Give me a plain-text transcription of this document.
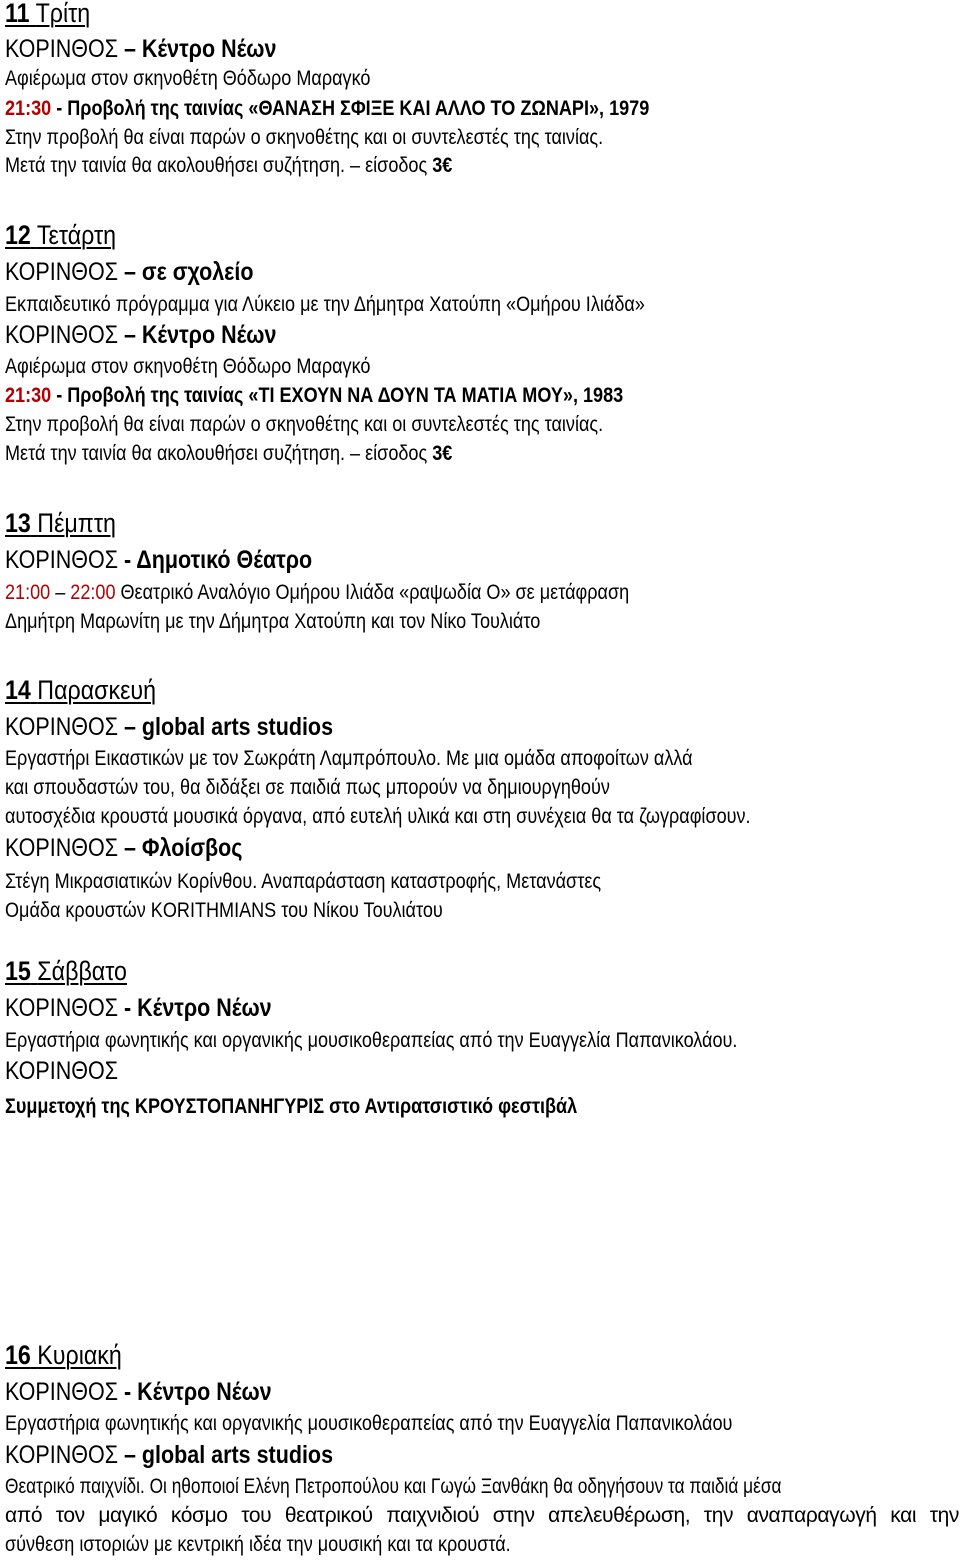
11 Τρίτη
ΚΟΡΙΝΘΟΣ – Κέντρο Νέων
Αφιέρωμα στον σκηνοθέτη Θόδωρο Μαραγκό
21:30 - Προβολή της ταινίας «ΘΑΝΑΣΗ ΣΦΙΞΕ ΚΑΙ ΑΛΛΟ ΤΟ ΖΩΝΑΡΙ», 1979
Στην προβολή θα είναι παρών ο σκηνοθέτης και οι συντελεστές της ταινίας.
Μετά την ταινία θα ακολουθήσει συζήτηση. – είσοδος 3€
12 Τετάρτη
ΚΟΡΙΝΘΟΣ – σε σχολείο
Εκπαιδευτικό πρόγραμμα για Λύκειο με την Δήμητρα Χατούπη «Ομήρου Ιλιάδα»
ΚΟΡΙΝΘΟΣ – Κέντρο Νέων
Αφιέρωμα στον σκηνοθέτη Θόδωρο Μαραγκό
21:30 - Προβολή της ταινίας «ΤΙ ΕΧΟΥΝ ΝΑ ΔΟΥΝ ΤΑ ΜΑΤΙΑ ΜΟΥ», 1983
Στην προβολή θα είναι παρών ο σκηνοθέτης και οι συντελεστές της ταινίας.
Μετά την ταινία θα ακολουθήσει συζήτηση. – είσοδος 3€
13 Πέμπτη
ΚΟΡΙΝΘΟΣ - Δημοτικό Θέατρο
21:00 – 22:00 Θεατρικό Αναλόγιο Ομήρου Ιλιάδα «ραψωδία Ο» σε μετάφραση
Δημήτρη Μαρωνίτη με την Δήμητρα Χατούπη και τον Νίκο Τουλιάτο
14 Παρασκευή
ΚΟΡΙΝΘΟΣ – global arts studios
Εργαστήρι Εικαστικών με τον Σωκράτη Λαμπρόπουλο. Με μια ομάδα αποφοίτων αλλά
και σπουδαστών του, θα διδάξει σε παιδιά πως μπορούν να δημιουργηθούν
αυτοσχέδια κρουστά μουσικά όργανα, από ευτελή υλικά και στη συνέχεια θα τα ζωγραφίσουν.
ΚΟΡΙΝΘΟΣ – Φλοίσβος
Στέγη Μικρασιατικών Κορίνθου. Αναπαράσταση καταστροφής, Μετανάστες
Ομάδα κρουστών KORITHMIANS του Νίκου Τουλιάτου
15 Σάββατο
ΚΟΡΙΝΘΟΣ - Κέντρο Νέων
Εργαστήρια φωνητικής και οργανικής μουσικοθεραπείας από την Ευαγγελία Παπανικολάου.
ΚΟΡΙΝΘΟΣ
Συμμετοχή της ΚΡΟΥΣΤΟΠΑΝΗΓΥΡΙΣ στο Αντιρατσιστικό φεστιβάλ
16 Κυριακή
ΚΟΡΙΝΘΟΣ - Κέντρο Νέων
Εργαστήρια φωνητικής και οργανικής μουσικοθεραπείας από την Ευαγγελία Παπανικολάου
ΚΟΡΙΝΘΟΣ – global arts studios
Θεατρικό παιχνίδι. Οι ηθοποιοί Ελένη Πετροπούλου και Γωγώ Ξανθάκη θα οδηγήσουν τα παιδιά μέσα
από τον μαγικό κόσμο του θεατρικού παιχνιδιού στην απελευθέρωση, την αναπαραγωγή και την
σύνθεση ιστοριών με κεντρική ιδέα την μουσική και τα κρουστά.
